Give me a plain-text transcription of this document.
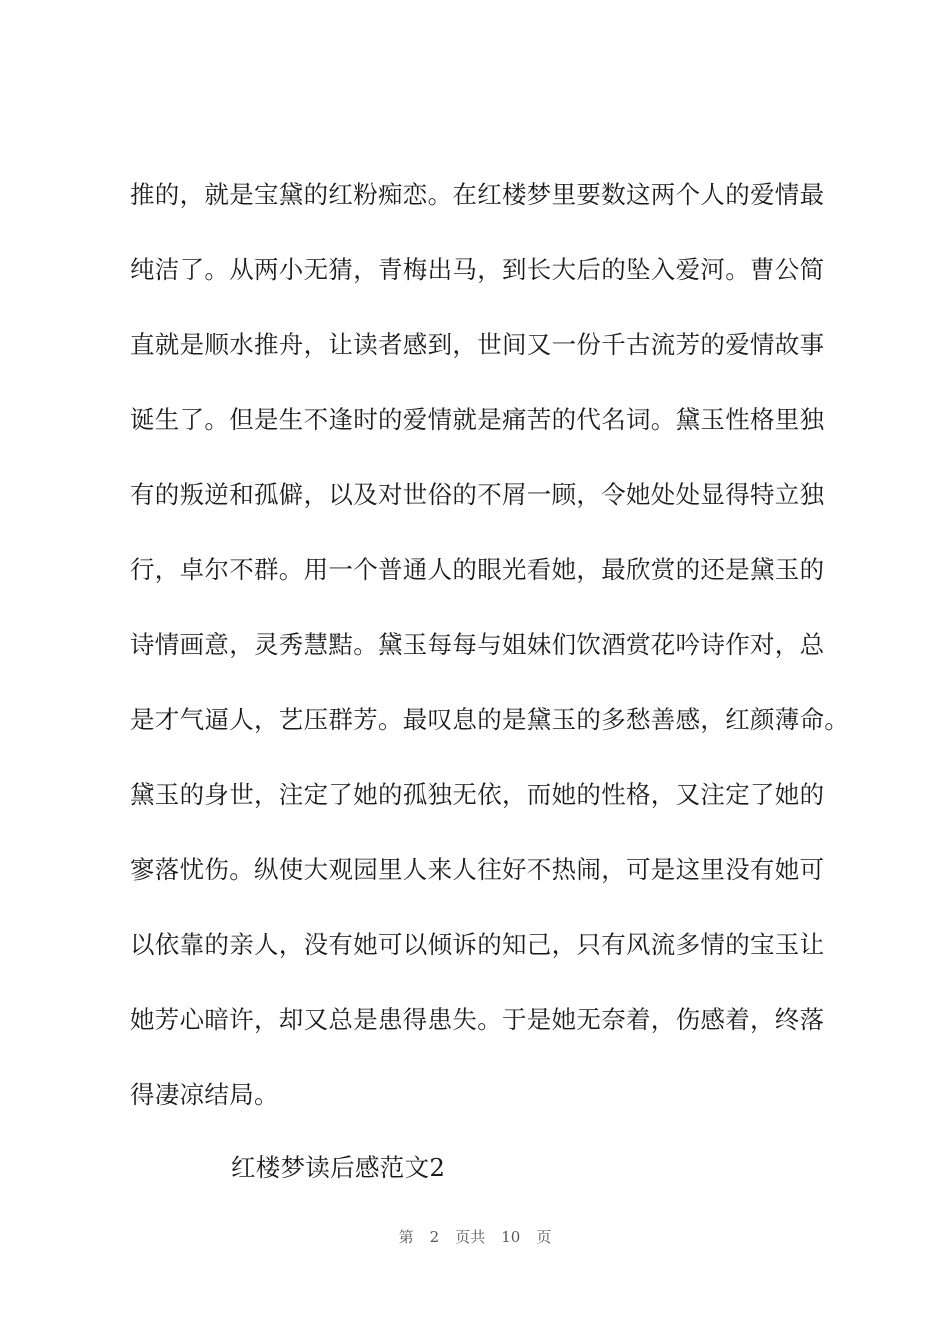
推的，就是宝黛的红粉痴恋。在红楼梦里要数这两个人的爱情最
纯洁了。从两小无猜，青梅出马，到长大后的坠入爱河。曹公简
直就是顺水推舟，让读者感到，世间又一份千古流芳的爱情故事
诞生了。但是生不逢时的爱情就是痛苦的代名词。黛玉性格里独
有的叛逆和孤僻，以及对世俗的不屑一顾，令她处处显得特立独
行，卓尔不群。用一个普通人的眼光看她，最欣赏的还是黛玉的
诗情画意，灵秀慧黠。黛玉每每与姐妹们饮酒赏花吟诗作对，总
是才气逼人，艺压群芳。最叹息的是黛玉的多愁善感，红颜薄命。
黛玉的身世，注定了她的孤独无依，而她的性格，又注定了她的
寥落忧伤。纵使大观园里人来人往好不热闹，可是这里没有她可
以依靠的亲人，没有她可以倾诉的知己，只有风流多情的宝玉让
她芳心暗许，却又总是患得患失。于是她无奈着，伤感着，终落
得凄凉结局。
红楼梦读后感范文2
第 2 页共 10 页
